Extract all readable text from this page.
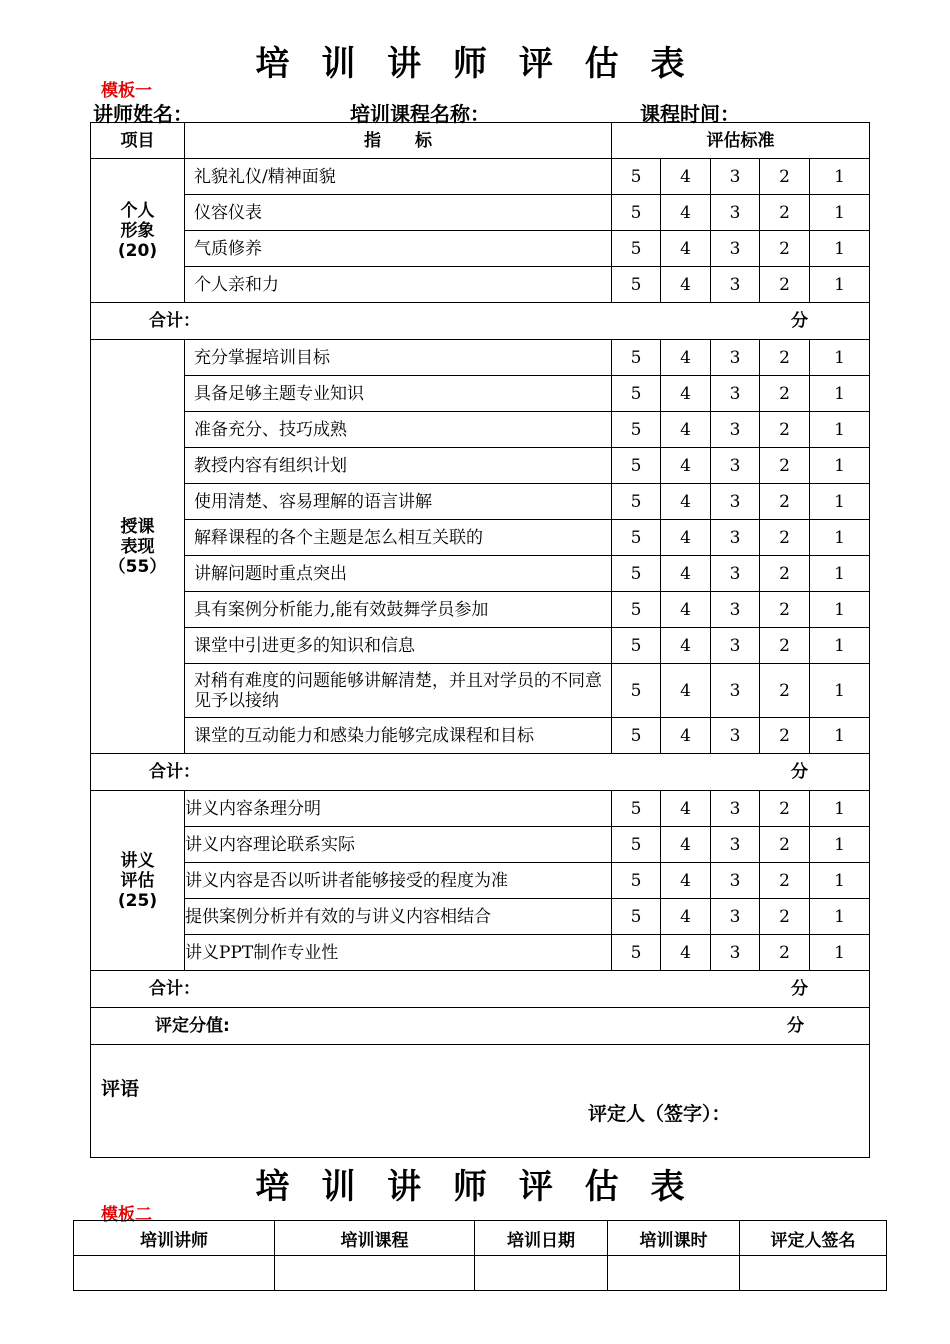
培 训 讲 师 评 估 表
模板一
讲师姓名：	培训课程名称：	课程时间：
项目	指　　标	评估标准				

个人
形象
(20)	礼貌礼仪/精神面貌	5	4	3	2	1
	仪容仪表	5	4	3	2	1
	气质修养	5	4	3	2	1
	个人亲和力	5	4	3	2	1

合计： 分						

授课
表现
（55）	充分掌握培训目标	5	4	3	2	1
	具备足够主题专业知识	5	4	3	2	1
	准备充分、技巧成熟	5	4	3	2	1
	教授内容有组织计划	5	4	3	2	1
	使用清楚、容易理解的语言讲解	5	4	3	2	1
	解释课程的各个主题是怎么相互关联的	5	4	3	2	1
	讲解问题时重点突出	5	4	3	2	1
	具有案例分析能力,能有效鼓舞学员参加	5	4	3	2	1
	课堂中引进更多的知识和信息	5	4	3	2	1
	对稍有难度的问题能够讲解清楚，并且对学员的不同意见予以接纳	5	4	3	2	1
	课堂的互动能力和感染力能够完成课程和目标	5	4	3	2	1

合计： 分						

讲义
评估
(25)	讲义内容条理分明	5	4	3	2	1
	讲义内容理论联系实际	5	4	3	2	1
	讲义内容是否以听讲者能够接受的程度为准	5	4	3	2	1
	提供案例分析并有效的与讲义内容相结合	5	4	3	2	1
	讲义PPT制作专业性	5	4	3	2	1

合计： 分						

评定分值: 分						

评语
评定人（签字）：						
培 训 讲 师 评 估 表
模板二
培训讲师	培训课程	培训日期	培训课时	评定人签名
